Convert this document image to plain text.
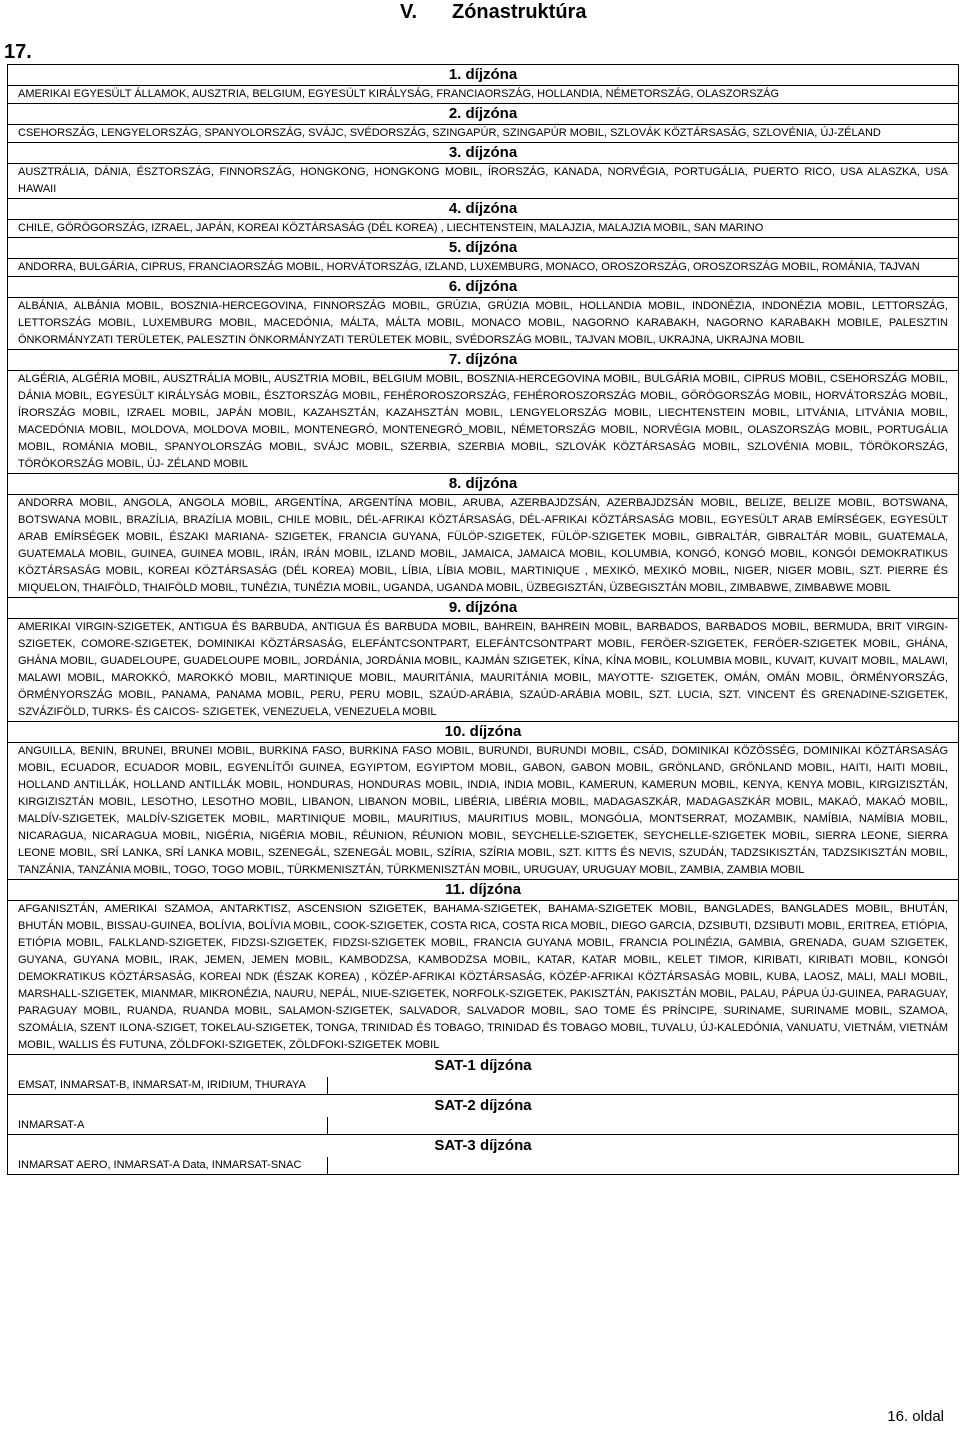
V. Zónastruktúra
17.
1. díjzóna
AMERIKAI EGYESÜLT ÁLLAMOK, AUSZTRIA, BELGIUM, EGYESÜLT KIRÁLYSÁG, FRANCIAORSZÁG, HOLLANDIA, NÉMETORSZÁG, OLASZORSZÁG
2. díjzóna
CSEHORSZÁG, LENGYELORSZÁG, SPANYOLORSZÁG, SVÁJC, SVÉDORSZÁG, SZINGAPÚR, SZINGAPÚR MOBIL, SZLOVÁK KÖZTÁRSASÁG, SZLOVÉNIA, ÚJ-ZÉLAND
3. díjzóna
AUSZTRÁLIA, DÁNIA, ÉSZTORSZÁG, FINNORSZÁG, HONGKONG, HONGKONG MOBIL, ÍRORSZÁG, KANADA, NORVÉGIA, PORTUGÁLIA, PUERTO RICO, USA ALASZKA, USA HAWAII
4. díjzóna
CHILE, GÖRÖGORSZÁG, IZRAEL, JAPÁN, KOREAI KÖZTÁRSASÁG (DÉL KOREA) , LIECHTENSTEIN, MALAJZIA, MALAJZIA MOBIL, SAN MARINO
5. díjzóna
ANDORRA, BULGÁRIA, CIPRUS, FRANCIAORSZÁG MOBIL, HORVÁTORSZÁG, IZLAND, LUXEMBURG, MONACO, OROSZORSZÁG, OROSZORSZÁG MOBIL, ROMÁNIA, TAJVAN
6. díjzóna
ALBÁNIA, ALBÁNIA MOBIL, BOSZNIA-HERCEGOVINA, FINNORSZÁG MOBIL, GRÚZIA, GRÚZIA MOBIL, HOLLANDIA MOBIL, INDONÉZIA, INDONÉZIA MOBIL, LETTORSZÁG, LETTORSZÁG MOBIL, LUXEMBURG MOBIL, MACEDÓNIA, MÁLTA, MÁLTA MOBIL, MONACO MOBIL, NAGORNO KARABAKH, NAGORNO KARABAKH MOBILE, PALESZTIN ÖNKORMÁNYZATI TERÜLETEK, PALESZTIN ÖNKORMÁNYZATI TERÜLETEK MOBIL, SVÉDORSZÁG MOBIL, TAJVAN MOBIL, UKRAJNA, UKRAJNA MOBIL
7. díjzóna
ALGÉRIA, ALGÉRIA MOBIL, AUSZTRÁLIA MOBIL, AUSZTRIA MOBIL, BELGIUM MOBIL, BOSZNIA-HERCEGOVINA MOBIL, BULGÁRIA MOBIL, CIPRUS MOBIL, CSEHORSZÁG MOBIL, DÁNIA MOBIL, EGYESÜLT KIRÁLYSÁG MOBIL, ÉSZTORSZÁG MOBIL, FEHÉROROSZORSZÁG, FEHÉROROSZORSZÁG MOBIL, GÖRÖGORSZÁG MOBIL, HORVÁTORSZÁG MOBIL, ÍRORSZÁG MOBIL, IZRAEL MOBIL, JAPÁN MOBIL, KAZAHSZTÁN, KAZAHSZTÁN MOBIL, LENGYELORSZÁG MOBIL, LIECHTENSTEIN MOBIL, LITVÁNIA, LITVÁNIA MOBIL, MACEDÓNIA MOBIL, MOLDOVA, MOLDOVA MOBIL, MONTENEGRÓ, MONTENEGRÓ_MOBIL, NÉMETORSZÁG MOBIL, NORVÉGIA MOBIL, OLASZORSZÁG MOBIL, PORTUGÁLIA MOBIL, ROMÁNIA MOBIL, SPANYOLORSZÁG MOBIL, SVÁJC MOBIL, SZERBIA, SZERBIA MOBIL, SZLOVÁK KÖZTÁRSASÁG MOBIL, SZLOVÉNIA MOBIL, TÖRÖKORSZÁG, TÖRÖKORSZÁG MOBIL, ÚJ- ZÉLAND MOBIL
8. díjzóna
ANDORRA MOBIL, ANGOLA, ANGOLA MOBIL, ARGENTÍNA, ARGENTÍNA MOBIL, ARUBA, AZERBAJDZSÁN, AZERBAJDZSÁN MOBIL, BELIZE, BELIZE MOBIL, BOTSWANA, BOTSWANA MOBIL, BRAZÍLIA, BRAZÍLIA MOBIL, CHILE MOBIL, DÉL-AFRIKAI KÖZTÁRSASÁG, DÉL-AFRIKAI KÖZTÁRSASÁG MOBIL, EGYESÜLT ARAB EMÍRSÉGEK, EGYESÜLT ARAB EMÍRSÉGEK MOBIL, ÉSZAKI MARIANA- SZIGETEK, FRANCIA GUYANA, FÜLÖP-SZIGETEK, FÜLÖP-SZIGETEK MOBIL, GIBRALTÁR, GIBRALTÁR MOBIL, GUATEMALA, GUATEMALA MOBIL, GUINEA, GUINEA MOBIL, IRÁN, IRÁN MOBIL, IZLAND MOBIL, JAMAICA, JAMAICA MOBIL, KOLUMBIA, KONGÓ, KONGÓ MOBIL, KONGÓI DEMOKRATIKUS KÖZTÁRSASÁG MOBIL, KOREAI KÖZTÁRSASÁG (DÉL KOREA) MOBIL, LÍBIA, LÍBIA MOBIL, MARTINIQUE , MEXIKÓ, MEXIKÓ MOBIL, NIGER, NIGER MOBIL, SZT. PIERRE ÉS MIQUELON, THAIFÖLD, THAIFÖLD MOBIL, TUNÉZIA, TUNÉZIA MOBIL, UGANDA, UGANDA MOBIL, ÜZBEGISZTÁN, ÜZBEGISZTÁN MOBIL, ZIMBABWE, ZIMBABWE MOBIL
9. díjzóna
AMERIKAI VIRGIN-SZIGETEK, ANTIGUA ÉS BARBUDA, ANTIGUA ÉS BARBUDA MOBIL, BAHREIN, BAHREIN MOBIL, BARBADOS, BARBADOS MOBIL, BERMUDA, BRIT VIRGIN-SZIGETEK, COMORE-SZIGETEK, DOMINIKAI KÖZTÁRSASÁG, ELEFÁNTCSONTPART, ELEFÁNTCSONTPART MOBIL, FERÖER-SZIGETEK, FERÖER-SZIGETEK MOBIL, GHÁNA, GHÁNA MOBIL, GUADELOUPE, GUADELOUPE MOBIL, JORDÁNIA, JORDÁNIA MOBIL, KAJMÁN SZIGETEK, KÍNA, KÍNA MOBIL, KOLUMBIA MOBIL, KUVAIT, KUVAIT MOBIL, MALAWI, MALAWI MOBIL, MAROKKÓ, MAROKKÓ MOBIL, MARTINIQUE MOBIL, MAURITÁNIA, MAURITÁNIA MOBIL, MAYOTTE- SZIGETEK, OMÁN, OMÁN MOBIL, ÖRMÉNYORSZÁG, ÖRMÉNYORSZÁG MOBIL, PANAMA, PANAMA MOBIL, PERU, PERU MOBIL, SZAÚD-ARÁBIA, SZAÚD-ARÁBIA MOBIL, SZT. LUCIA, SZT. VINCENT ÉS GRENADINE-SZIGETEK, SZVÁZIFÖLD, TURKS- ÉS CAICOS- SZIGETEK, VENEZUELA, VENEZUELA MOBIL
10. díjzóna
ANGUILLA, BENIN, BRUNEI, BRUNEI MOBIL, BURKINA FASO, BURKINA FASO MOBIL, BURUNDI, BURUNDI MOBIL, CSÁD, DOMINIKAI KÖZÖSSÉG, DOMINIKAI KÖZTÁRSASÁG MOBIL, ECUADOR, ECUADOR MOBIL, EGYENLÍTŐI GUINEA, EGYIPTOM, EGYIPTOM MOBIL, GABON, GABON MOBIL, GRÖNLAND, GRÖNLAND MOBIL, HAITI, HAITI MOBIL, HOLLAND ANTILLÁK, HOLLAND ANTILLÁK MOBIL, HONDURAS, HONDURAS MOBIL, INDIA, INDIA MOBIL, KAMERUN, KAMERUN MOBIL, KENYA, KENYA MOBIL, KIRGIZISZTÁN, KIRGIZISZTÁN MOBIL, LESOTHO, LESOTHO MOBIL, LIBANON, LIBANON MOBIL, LIBÉRIA, LIBÉRIA MOBIL, MADAGASZKÁR, MADAGASZKÁR MOBIL, MAKAÓ, MAKAÓ MOBIL, MALDÍV-SZIGETEK, MALDÍV-SZIGETEK MOBIL, MARTINIQUE MOBIL, MAURITIUS, MAURITIUS MOBIL, MONGÓLIA, MONTSERRAT, MOZAMBIK, NAMÍBIA, NAMÍBIA MOBIL, NICARAGUA, NICARAGUA MOBIL, NIGÉRIA, NIGÉRIA MOBIL, RÉUNION, RÉUNION MOBIL, SEYCHELLE-SZIGETEK, SEYCHELLE-SZIGETEK MOBIL, SIERRA LEONE, SIERRA LEONE MOBIL, SRÍ LANKA, SRÍ LANKA MOBIL, SZENEGÁL, SZENEGÁL MOBIL, SZÍRIA, SZÍRIA MOBIL, SZT. KITTS ÉS NEVIS, SZUDÁN, TADZSIKISZTÁN, TADZSIKISZTÁN MOBIL, TANZÁNIA, TANZÁNIA MOBIL, TOGO, TOGO MOBIL, TÜRKMENISZTÁN, TÜRKMENISZTÁN MOBIL, URUGUAY, URUGUAY MOBIL, ZAMBIA, ZAMBIA MOBIL
11. díjzóna
AFGANISZTÁN, AMERIKAI SZAMOA, ANTARKTISZ, ASCENSION SZIGETEK, BAHAMA-SZIGETEK, BAHAMA-SZIGETEK MOBIL, BANGLADES, BANGLADES MOBIL, BHUTÁN, BHUTÁN MOBIL, BISSAU-GUINEA, BOLÍVIA, BOLÍVIA MOBIL, COOK-SZIGETEK, COSTA RICA, COSTA RICA MOBIL, DIEGO GARCIA, DZSIBUTI, DZSIBUTI MOBIL, ERITREA, ETIÓPIA, ETIÓPIA MOBIL, FALKLAND-SZIGETEK, FIDZSI-SZIGETEK, FIDZSI-SZIGETEK MOBIL, FRANCIA GUYANA MOBIL, FRANCIA POLINÉZIA, GAMBIA, GRENADA, GUAM SZIGETEK, GUYANA, GUYANA MOBIL, IRAK, JEMEN, JEMEN MOBIL, KAMBODZSA, KAMBODZSA MOBIL, KATAR, KATAR MOBIL, KELET TIMOR, KIRIBATI, KIRIBATI MOBIL, KONGÓI DEMOKRATIKUS KÖZTÁRSASÁG, KOREAI NDK (ÉSZAK KOREA) , KÖZÉP-AFRIKAI KÖZTÁRSASÁG, KÖZÉP-AFRIKAI KÖZTÁRSASÁG MOBIL, KUBA, LAOSZ, MALI, MALI MOBIL, MARSHALL-SZIGETEK, MIANMAR, MIKRONÉZIA, NAURU, NEPÁL, NIUE-SZIGETEK, NORFOLK-SZIGETEK, PAKISZTÁN, PAKISZTÁN MOBIL, PALAU, PÁPUA ÚJ-GUINEA, PARAGUAY, PARAGUAY MOBIL, RUANDA, RUANDA MOBIL, SALAMON-SZIGETEK, SALVADOR, SALVADOR MOBIL, SAO TOME ÉS PRÍNCIPE, SURINAME, SURINAME MOBIL, SZAMOA, SZOMÁLIA, SZENT ILONA-SZIGET, TOKELAU-SZIGETEK, TONGA, TRINIDAD ÉS TOBAGO, TRINIDAD ÉS TOBAGO MOBIL, TUVALU, ÚJ-KALEDÓNIA, VANUATU, VIETNÁM, VIETNÁM MOBIL, WALLIS ÉS FUTUNA, ZÖLDFOKI-SZIGETEK, ZÖLDFOKI-SZIGETEK MOBIL
SAT-1 díjzóna
EMSAT, INMARSAT-B, INMARSAT-M, IRIDIUM, THURAYA
SAT-2 díjzóna
INMARSAT-A
SAT-3 díjzóna
INMARSAT AERO, INMARSAT-A Data, INMARSAT-SNAC
16. oldal
